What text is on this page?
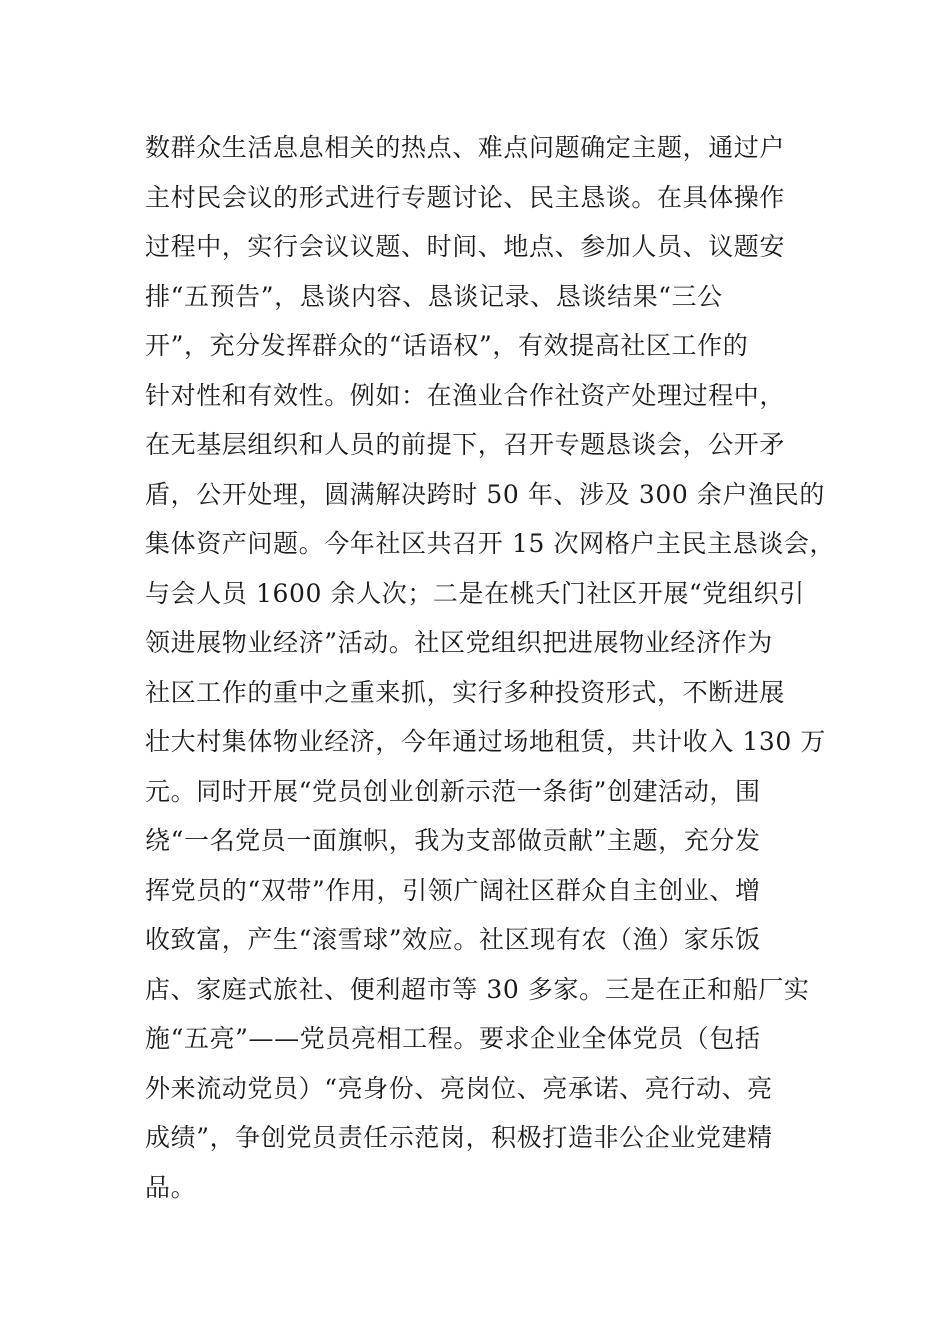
数群众生活息息相关的热点、难点问题确定主题，通过户
主村民会议的形式进行专题讨论、民主恳谈。在具体操作
过程中，实行会议议题、时间、地点、参加人员、议题安
排“五预告”，恳谈内容、恳谈记录、恳谈结果“三公
开”，充分发挥群众的“话语权”，有效提高社区工作的
针对性和有效性。例如：在渔业合作社资产处理过程中，
在无基层组织和人员的前提下，召开专题恳谈会，公开矛
盾，公开处理，圆满解决跨时 50 年、涉及 300 余户渔民的
集体资产问题。今年社区共召开 15 次网格户主民主恳谈会，
与会人员 1600 余人次；二是在桃夭门社区开展“党组织引
领进展物业经济”活动。社区党组织把进展物业经济作为
社区工作的重中之重来抓，实行多种投资形式，不断进展
壮大村集体物业经济，今年通过场地租赁，共计收入 130 万
元。同时开展“党员创业创新示范一条街”创建活动，围
绕“一名党员一面旗帜，我为支部做贡献”主题，充分发
挥党员的“双带”作用，引领广阔社区群众自主创业、增
收致富，产生“滚雪球”效应。社区现有农（渔）家乐饭
店、家庭式旅社、便利超市等 30 多家。三是在正和船厂实
施“五亮”——党员亮相工程。要求企业全体党员（包括
外来流动党员）“亮身份、亮岗位、亮承诺、亮行动、亮
成绩”，争创党员责任示范岗，积极打造非公企业党建精
品。
